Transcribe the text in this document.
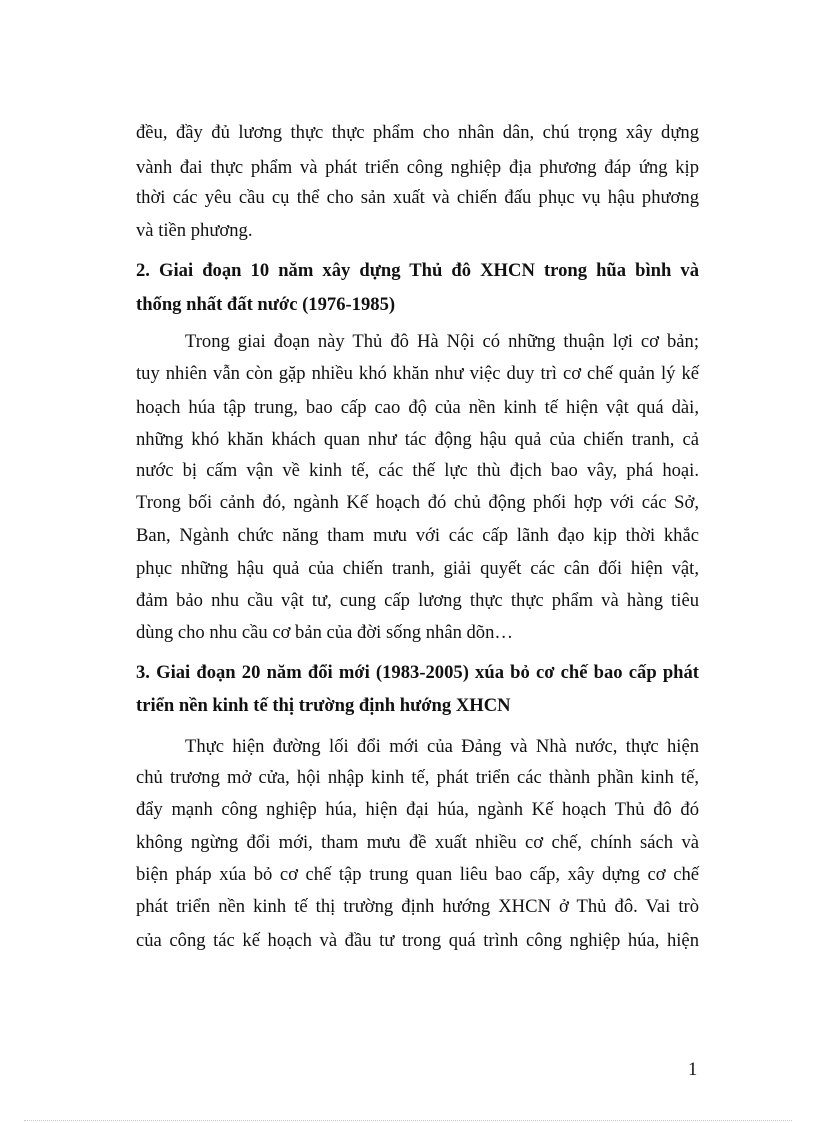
đều, đầy đủ lương thực thực phẩm cho nhân dân, chú trọng xây dựng
vành đai thực phẩm và phát triển công nghiệp địa phương đáp ứng kịp
thời các yêu cầu cụ thể cho sản xuất và chiến đấu phục vụ hậu phương
và tiền phương.
2. Giai đoạn 10 năm xây dựng Thủ đô XHCN trong hũa bình và
thống nhất đất nước (1976-1985)
Trong giai đoạn này Thủ đô Hà Nội có những thuận lợi cơ bản;
tuy nhiên vẫn còn gặp nhiều khó khăn như việc duy trì cơ chế quản lý kế
hoạch húa tập trung, bao cấp cao độ của nền kinh tế hiện vật quá dài,
những khó khăn khách quan như tác động hậu quả của chiến tranh, cả
nước bị cấm vận về kinh tế, các thế lực thù địch bao vây, phá hoại.
Trong bối cảnh đó, ngành Kế hoạch đó chủ động phối hợp với các Sở,
Ban, Ngành chức năng tham mưu với các cấp lãnh đạo kịp thời khắc
phục những hậu quả của chiến tranh, giải quyết các cân đối hiện vật,
đảm bảo nhu cầu vật tư, cung cấp lương thực thực phẩm và hàng tiêu
dùng cho nhu cầu cơ bản của đời sống nhân dõn…
3. Giai đoạn 20 năm đổi mới (1983-2005) xúa bỏ cơ chế bao cấp phát
triển nền kinh tế thị trường định hướng XHCN
Thực hiện đường lối đổi mới của Đảng và Nhà nước, thực hiện
chủ trương mở cửa, hội nhập kinh tế, phát triển các thành phần kinh tế,
đẩy mạnh công nghiệp húa, hiện đại húa, ngành Kế hoạch Thủ đô đó
không ngừng đổi mới, tham mưu đề xuất nhiều cơ chế, chính sách và
biện pháp xúa bỏ cơ chế tập trung quan liêu bao cấp, xây dựng cơ chế
phát triển nền kinh tế thị trường định hướng XHCN ở Thủ đô. Vai trò
của công tác kế hoạch và đầu tư trong quá trình công nghiệp húa, hiện
1
